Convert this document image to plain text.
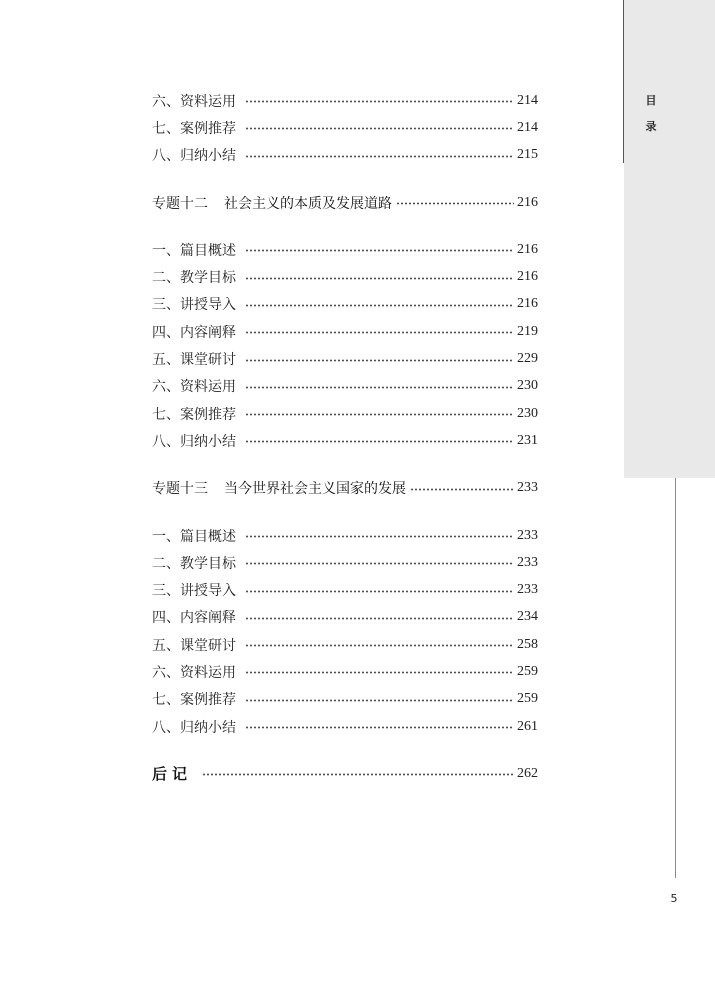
目
录
5
六、资料运用	214
七、案例推荐	214
八、归纳小结	215
专题十二 社会主义的本质及发展道路	216
一、篇目概述	216
二、教学目标	216
三、讲授导入	216
四、内容阐释	219
五、课堂研讨	229
六、资料运用	230
七、案例推荐	230
八、归纳小结	231
专题十三 当今世界社会主义国家的发展	233
一、篇目概述	233
二、教学目标	233
三、讲授导入	233
四、内容阐释	234
五、课堂研讨	258
六、资料运用	259
七、案例推荐	259
八、归纳小结	261
后记	262
